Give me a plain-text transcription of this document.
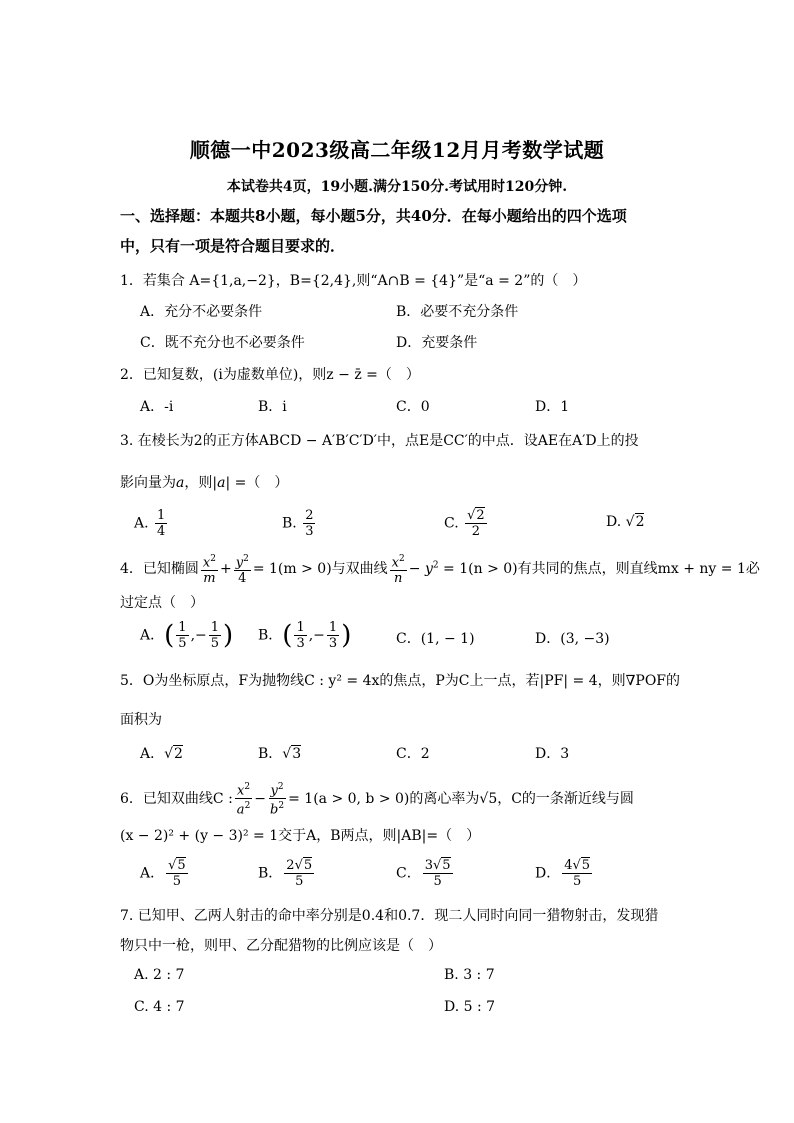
顺德一中2023级高二年级12月月考数学试题
本试卷共4页，19小题.满分150分.考试用时120分钟.
一、选择题：本题共8小题，每小题5分，共40分．在每小题给出的四个选项
中，只有一项是符合题目要求的．
1．若集合 A={1,a,−2}，B={2,4},则“A∩B = {4}”是“a = 2”的（　）
A．充分不必要条件	B．必要不充分条件
C．既不充分也不必要条件	D．充要条件
2．已知复数，(i为虚数单位)，则z − z̄ =（　）
A．-i	B．i	C．0	D．1
3. 在棱长为2的正方体ABCD − A′B′C′D′中，点E是CC′的中点．设AE在A′D上的投
影向量为a，则|a| =（　）
A. $\frac{1}{4}$	B. $\frac{2}{3}$	C. $\frac{√2}{2}$	D. √2
4．已知椭圆 $\frac{x^2}{m} + \frac{y^2}{4} = 1(m > 0)$与双曲线 $\frac{x^2}{n} - y^2 = 1(n > 0)$有共同的焦点，则直线mx + ny = 1必
过定点（　）
A．( $\frac{1}{5}$ ,− $\frac{1}{5}$ ) B．( $\frac{1}{3}$ ,− $\frac{1}{3}$ )	C．(1, − 1)	D．(3, −3)
5．O为坐标原点，F为抛物线C : y² = 4x的焦点，P为C上一点，若|PF| = 4，则∇POF的
面积为
A．√2	B．√3	C．2	D．3
6．已知双曲线C : $\frac{x^2}{a^2} - \frac{y^2}{b^2} = 1(a > 0$, b > 0)的离心率为√5，C的一条渐近线与圆
(x − 2)² + (y − 3)² = 1交于A，B两点，则|AB|=（　）
A． $\frac{√5}{5}$	B． $\frac{2√5}{5}$	C． $\frac{3√5}{5}$	D． $\frac{4√5}{5}$
7. 已知甲、乙两人射击的命中率分别是0.4和0.7．现二人同时向同一猎物射击，发现猎
物只中一枪，则甲、乙分配猎物的比例应该是（　）
A. 2 : 7	B. 3 : 7
C. 4 : 7	D. 5 : 7
